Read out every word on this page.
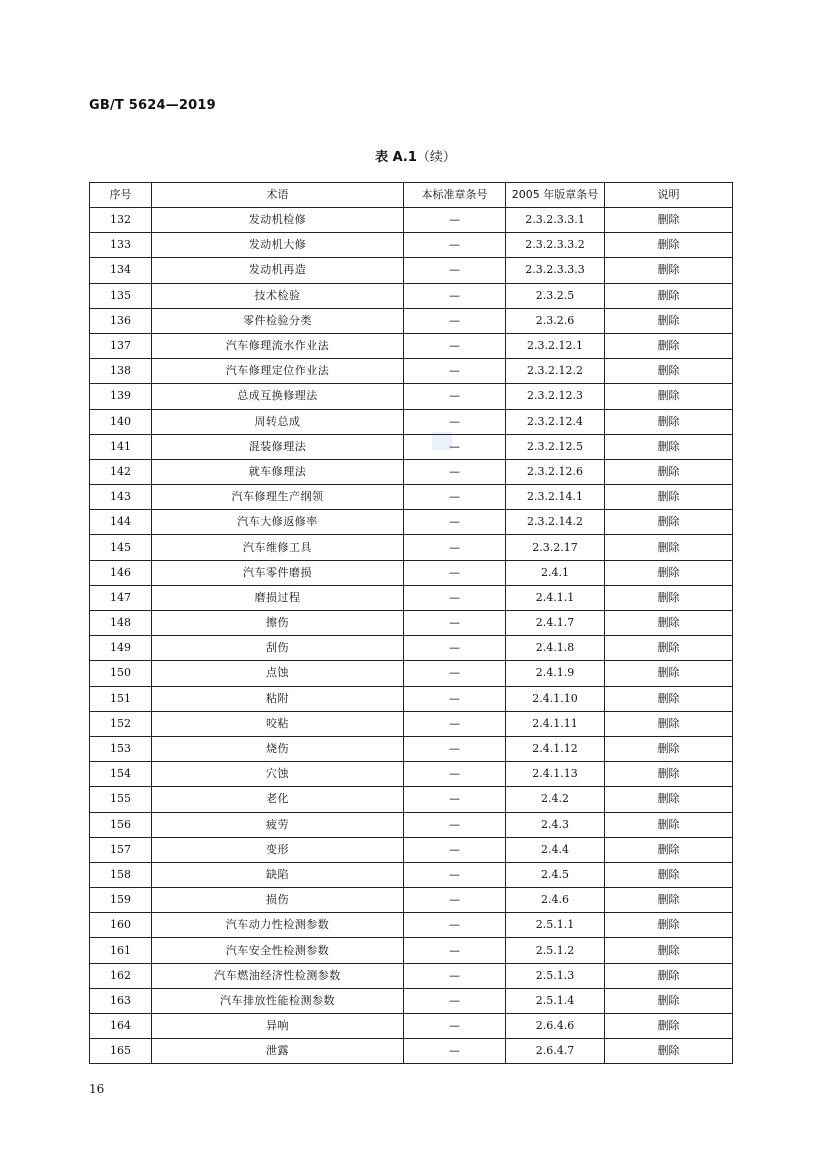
GB/T 5624—2019
表 A.1（续）
序号	术语	本标准章条号	2005 年版章条号	说明
132	发动机检修	—	2.3.2.3.3.1	删除
133	发动机大修	—	2.3.2.3.3.2	删除
134	发动机再造	—	2.3.2.3.3.3	删除
135	技术检验	—	2.3.2.5	删除
136	零件检验分类	—	2.3.2.6	删除
137	汽车修理流水作业法	—	2.3.2.12.1	删除
138	汽车修理定位作业法	—	2.3.2.12.2	删除
139	总成互换修理法	—	2.3.2.12.3	删除
140	周转总成	—	2.3.2.12.4	删除
141	混装修理法	—	2.3.2.12.5	删除
142	就车修理法	—	2.3.2.12.6	删除
143	汽车修理生产纲领	—	2.3.2.14.1	删除
144	汽车大修返修率	—	2.3.2.14.2	删除
145	汽车维修工具	—	2.3.2.17	删除
146	汽车零件磨损	—	2.4.1	删除
147	磨损过程	—	2.4.1.1	删除
148	擦伤	—	2.4.1.7	删除
149	刮伤	—	2.4.1.8	删除
150	点蚀	—	2.4.1.9	删除
151	粘附	—	2.4.1.10	删除
152	咬粘	—	2.4.1.11	删除
153	烧伤	—	2.4.1.12	删除
154	穴蚀	—	2.4.1.13	删除
155	老化	—	2.4.2	删除
156	疲劳	—	2.4.3	删除
157	变形	—	2.4.4	删除
158	缺陷	—	2.4.5	删除
159	损伤	—	2.4.6	删除
160	汽车动力性检测参数	—	2.5.1.1	删除
161	汽车安全性检测参数	—	2.5.1.2	删除
162	汽车燃油经济性检测参数	—	2.5.1.3	删除
163	汽车排放性能检测参数	—	2.5.1.4	删除
164	异响	—	2.6.4.6	删除
165	泄露	—	2.6.4.7	删除
16
